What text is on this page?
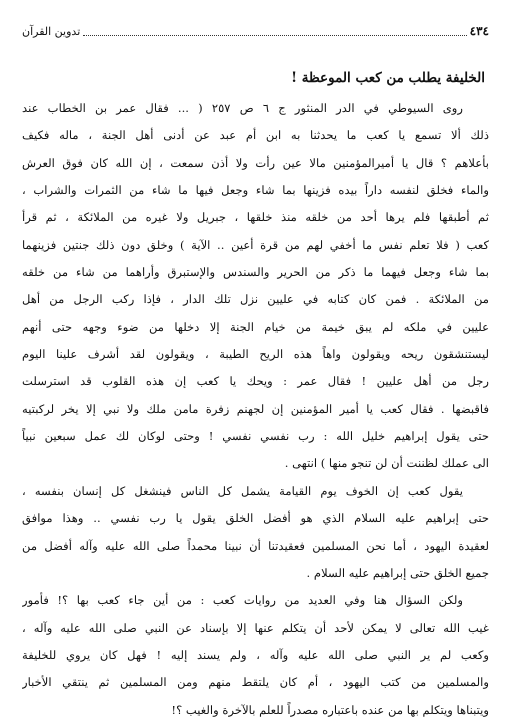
٤٣٤
تدوين القرآن
الخليفة يطلب من كعب الموعظة !
روى السيوطي في الدر المنثور ج ٦ ص ٢٥٧ ( ... فقال عمر بن الخطاب عند
ذلك ألا تسمع يا كعب ما يحدثنا به ابن أم عبد عن أدنى أهل الجنة ، ماله فكيف
بأعلاهم ؟ قال يا أميرالمؤمنين مالا عين رأت ولا أذن سمعت ، إن الله كان فوق العرش
والماء فخلق لنفسه داراً بيده فزينها بما شاء وجعل فيها ما شاء من الثمرات والشراب ،
ثم أطبقها فلم يرها أحد من خلقه منذ خلقها ، جبريل ولا غيره من الملائكة ، ثم قرأ
كعب ( فلا تعلم نفس ما أخفي لهم من قرة أعين .. الآية ) وخلق دون ذلك جنتين فزينهما
بما شاء وجعل فيهما ما ذكر من الحرير والسندس والإستبرق وأراهما من شاء من خلقه
من الملائكة . فمن كان كتابه في عليين نزل تلك الدار ، فإذا ركب الرجل من أهل
عليين في ملكه لم يبق خيمة من خيام الجنة إلا دخلها من ضوء وجهه حتى أنهم
ليستنشقون ريحه ويقولون واهاً هذه الريح الطيبة ، ويقولون لقد أشرف علينا اليوم
رجل من أهل عليين ! فقال عمر : ويحك يا كعب إن هذه القلوب قد استرسلت
فاقبضها . فقال كعب يا أمير المؤمنين إن لجهنم زفرة مامن ملك ولا نبي إلا يخر لركبتيه
حتى يقول إبراهيم خليل الله : رب نفسي نفسي ! وحتى لوكان لك عمل سبعين نبياً
الى عملك لظننت أن لن تنجو منها ) انتهى .
يقول كعب إن الخوف يوم القيامة يشمل كل الناس فينشغل كل إنسان بنفسه ،
حتى إبراهيم عليه السلام الذي هو أفضل الخلق يقول يا رب نفسي .. وهذا موافق
لعقيدة اليهود ، أما نحن المسلمين فعقيدتنا أن نبينا محمداً صلى الله عليه وآله أفضل من
جميع الخلق حتى إبراهيم عليه السلام .
ولكن السؤال هنا وفي العديد من روايات كعب : من أين جاء كعب بها ؟! فأمور
غيب الله تعالى لا يمكن لأحد أن يتكلم عنها إلا بإسناد عن النبي صلى الله عليه وآله ،
وكعب لم ير النبي صلى الله عليه وآله ، ولم يسند إليه ! فهل كان يروي للخليفة
والمسلمين من كتب اليهود ، أم كان يلتقط منهم ومن المسلمين ثم ينتقي الأخبار
ويتبناها ويتكلم بها من عنده باعتباره مصدراً للعلم بالآخرة والغيب ؟!
